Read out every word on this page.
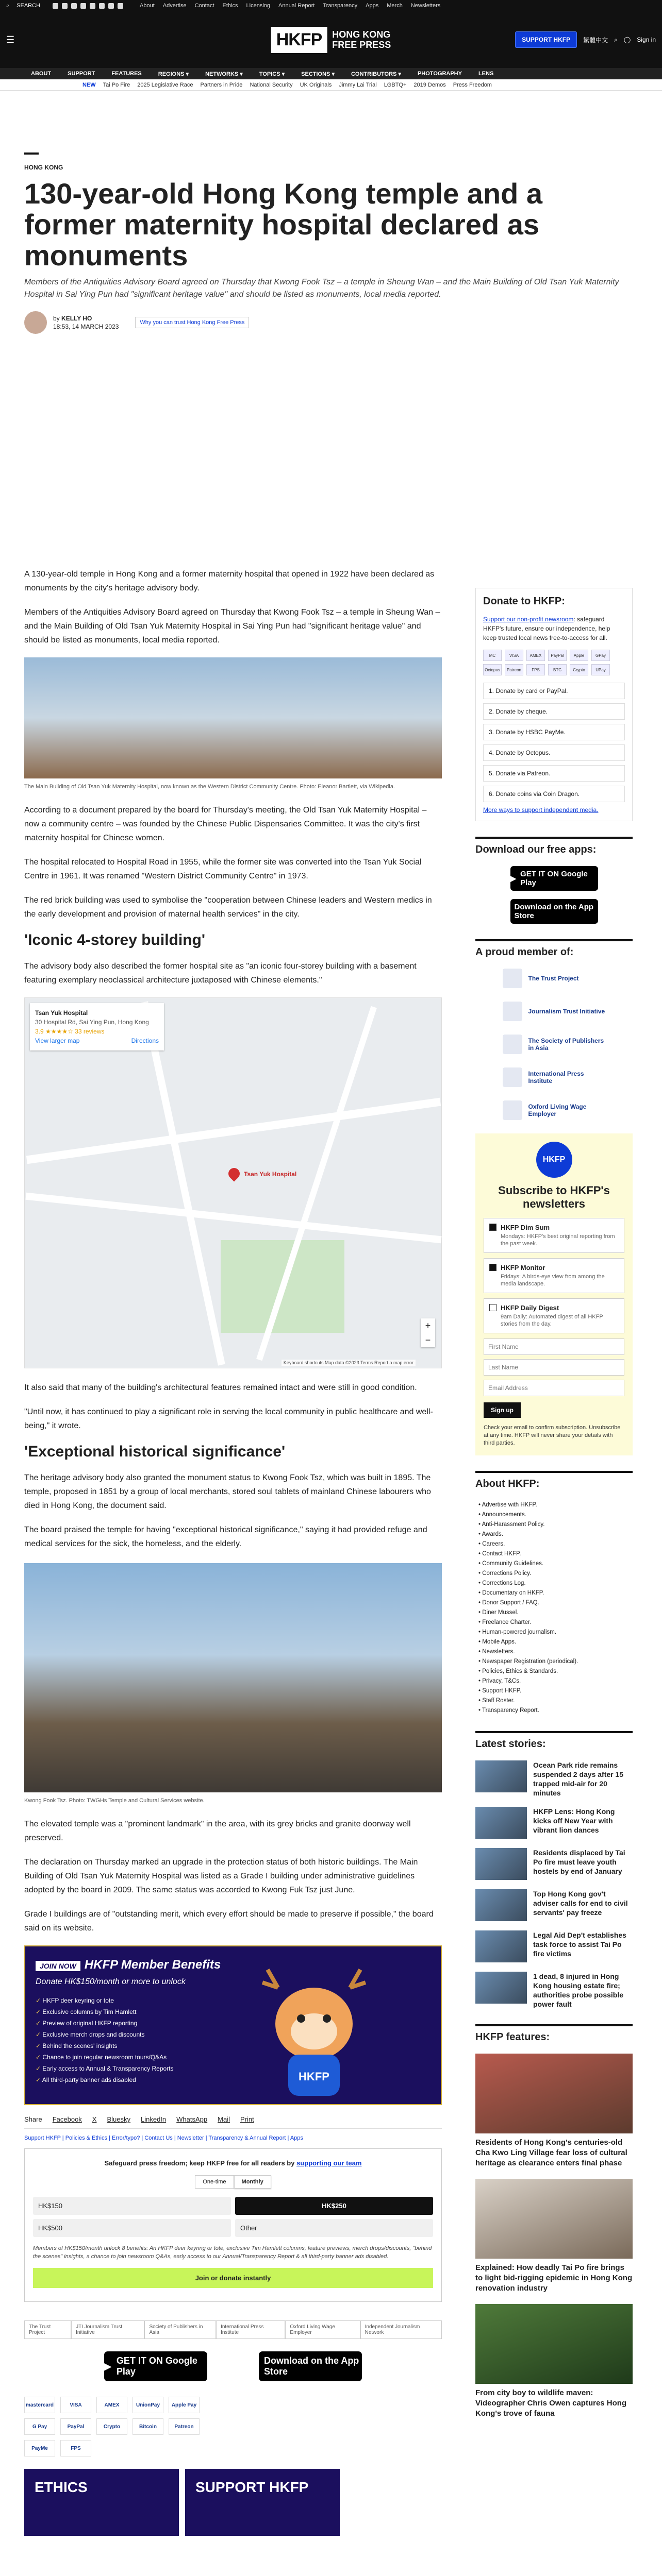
⌕ SEARCH	About Advertise Contact Ethics Licensing Annual Report Transparency Apps Merch Newsletters
☰	HKFP	HONG KONG
FREE PRESS	SUPPORT HKFP	繁體中文 ⌕ ◯ Sign in
ABOUT	SUPPORT	FEATURES	REGIONS ▾	NETWORKS ▾	TOPICS ▾	SECTIONS ▾	CONTRIBUTORS ▾	PHOTOGRAPHY	LENS
NEW Tai Po Fire 2025 Legislative Race Partners in Pride National Security UK Originals Jimmy Lai Trial LGBTQ+ 2019 Demos Press Freedom
HONG KONG
130-year-old Hong Kong temple and a former maternity hospital declared as monuments

Members of the Antiquities Advisory Board agreed on Thursday that Kwong Fook Tsz – a temple in Sheung Wan – and the Main Building of Old Tsan Yuk Maternity Hospital in Sai Ying Pun had "significant heritage value" and should be listed as monuments, local media reported.

by KELLY HO
18:53, 14 MARCH 2023
Why you can trust Hong Kong Free Press

A 130-year-old temple in Hong Kong and a former maternity hospital that opened in 1922 have been declared as monuments by the city's heritage advisory body.

Members of the Antiquities Advisory Board agreed on Thursday that Kwong Fook Tsz – a temple in Sheung Wan – and the Main Building of Old Tsan Yuk Maternity Hospital in Sai Ying Pun had "significant heritage value" and should be listed as monuments, local media reported.

The Main Building of Old Tsan Yuk Maternity Hospital, now known as the Western District Community Centre. Photo: Eleanor Bartlett, via Wikipedia.

According to a document prepared by the board for Thursday's meeting, the Old Tsan Yuk Maternity Hospital – now a community centre – was founded by the Chinese Public Dispensaries Committee. It was the city's first maternity hospital for Chinese women.

The hospital relocated to Hospital Road in 1955, while the former site was converted into the Tsan Yuk Social Centre in 1961. It was renamed "Western District Community Centre" in 1973.

The red brick building was used to symbolise the "cooperation between Chinese leaders and Western medics in the early development and provision of maternal health services" in the city.

'Iconic 4-storey building'

The advisory body also described the former hospital site as "an iconic four-storey building with a basement featuring exemplary neoclassical architecture juxtaposed with Chinese elements."

Tsan Yuk Hospital
30 Hospital Rd, Sai Ying Pun, Hong Kong
3.9 ★★★★☆ 33 reviews
View larger map	Directions
Tsan Yuk Hospital
+
−
Keyboard shortcuts Map data ©2023 Terms Report a map error

It also said that many of the building's architectural features remained intact and were still in good condition.

"Until now, it has continued to play a significant role in serving the local community in public healthcare and well-being," it wrote.

'Exceptional historical significance'

The heritage advisory body also granted the monument status to Kwong Fook Tsz, which was built in 1895. The temple, proposed in 1851 by a group of local merchants, stored soul tablets of mainland Chinese labourers who died in Hong Kong, the document said.

The board praised the temple for having "exceptional historical significance," saying it had provided refuge and medical services for the sick, the homeless, and the elderly.

Kwong Fook Tsz. Photo: TWGHs Temple and Cultural Services website.

The elevated temple was a "prominent landmark" in the area, with its grey bricks and granite doorway well preserved.

The declaration on Thursday marked an upgrade in the protection status of both historic buildings. The Main Building of Old Tsan Yuk Maternity Hospital was listed as a Grade I building under administrative guidelines adopted by the board in 2009. The same status was accorded to Kwong Fuk Tsz just June.

Grade I buildings are of "outstanding merit, which every effort should be made to preserve if possible," the board said on its website.

JOIN NOW HKFP Member Benefits
Donate HK$150/month or more to unlock
✓ HKFP deer keyring or tote
✓ Exclusive columns by Tim Hamlett
✓ Preview of original HKFP reporting
✓ Exclusive merch drops and discounts
✓ Behind the scenes' insights
✓ Chance to join regular newsroom tours/Q&As
✓ Early access to Annual & Transparency Reports
✓ All third-party banner ads disabled	HKFP
Share Facebook X Bluesky LinkedIn WhatsApp Mail Print
Support HKFP | Policies & Ethics | Error/typo? | Contact Us | Newsletter | Transparency & Annual Report | Apps
Safeguard press freedom; keep HKFP free for all readers by supporting our team
One-time	Monthly
HK$150	HK$250
HK$500	Other

Members of HK$150/month unlock 8 benefits: An HKFP deer keyring or tote, exclusive Tim Hamlett columns, feature previews, merch drops/discounts, "behind the scenes" insights, a chance to join newsroom Q&As, early access to our Annual/Transparency Report & all third-party banner ads disabled.

Join or donate instantly
The Trust Project
JTI Journalism Trust Initiative
Society of Publishers in Asia
International Press Institute
Oxford Living Wage Employer
Independent Journalism Network
▶
GET IT ON Google Play
Download on the App Store
mastercard	VISA	AMEX	UnionPay	Apple Pay
G Pay	PayPal	Crypto	Bitcoin	Patreon
PayMe	FPS
ETHICS	SUPPORT HKFP
Donate to HKFP:

Support our non-profit newsroom: safeguard HKFP's future, ensure our independence, help keep trusted local news free-to-access for all.

MC	VISA	AMEX	PayPal	Apple	GPay
Octopus	Patreon	FPS	BTC	Crypto	UPay
1. Donate by card or PayPal.
2. Donate by cheque.
3. Donate by HSBC PayMe.
4. Donate by Octopus.
5. Donate via Patreon.
6. Donate coins via Coin Dragon.
More ways to support independent media.
Download our free apps:
▶
GET IT ON Google Play
Download on the App Store
A proud member of:
The Trust Project
Journalism Trust Initiative
The Society of Publishers in Asia
International Press Institute
Oxford Living Wage Employer
HKFP
Subscribe to HKFP's newsletters
HKFP Dim Sum
Mondays: HKFP's best original reporting from the past week.
HKFP Monitor
Fridays: A birds-eye view from among the media landscape.
HKFP Daily Digest
9am Daily: Automated digest of all HKFP stories from the day.
First Name
Last Name
Email Address
Sign up

Check your email to confirm subscription. Unsubscribe at any time. HKFP will never share your details with third parties.

About HKFP:
• Advertise with HKFP.
• Announcements.
• Anti-Harassment Policy.
• Awards.
• Careers.
• Contact HKFP.
• Community Guidelines.
• Corrections Policy.
• Corrections Log.
• Documentary on HKFP.
• Donor Support / FAQ.
• Diner Mussel.
• Freelance Charter.
• Human-powered journalism.
• Mobile Apps.
• Newsletters.
• Newspaper Registration (periodical).
• Policies, Ethics & Standards.
• Privacy, T&Cs.
• Support HKFP.
• Staff Roster.
• Transparency Report.
Latest stories:
Ocean Park ride remains suspended 2 days after 15 trapped mid-air for 20 minutes
HKFP Lens: Hong Kong kicks off New Year with vibrant lion dances
Residents displaced by Tai Po fire must leave youth hostels by end of January
Top Hong Kong gov't adviser calls for end to civil servants' pay freeze
Legal Aid Dep't establishes task force to assist Tai Po fire victims
1 dead, 8 injured in Hong Kong housing estate fire; authorities probe possible power fault
HKFP features:
Residents of Hong Kong's centuries-old Cha Kwo Ling Village fear loss of cultural heritage as clearance enters final phase
Explained: How deadly Tai Po fire brings to light bid-rigging epidemic in Hong Kong renovation industry
From city boy to wildlife maven: Videographer Chris Owen captures Hong Kong's trove of fauna
